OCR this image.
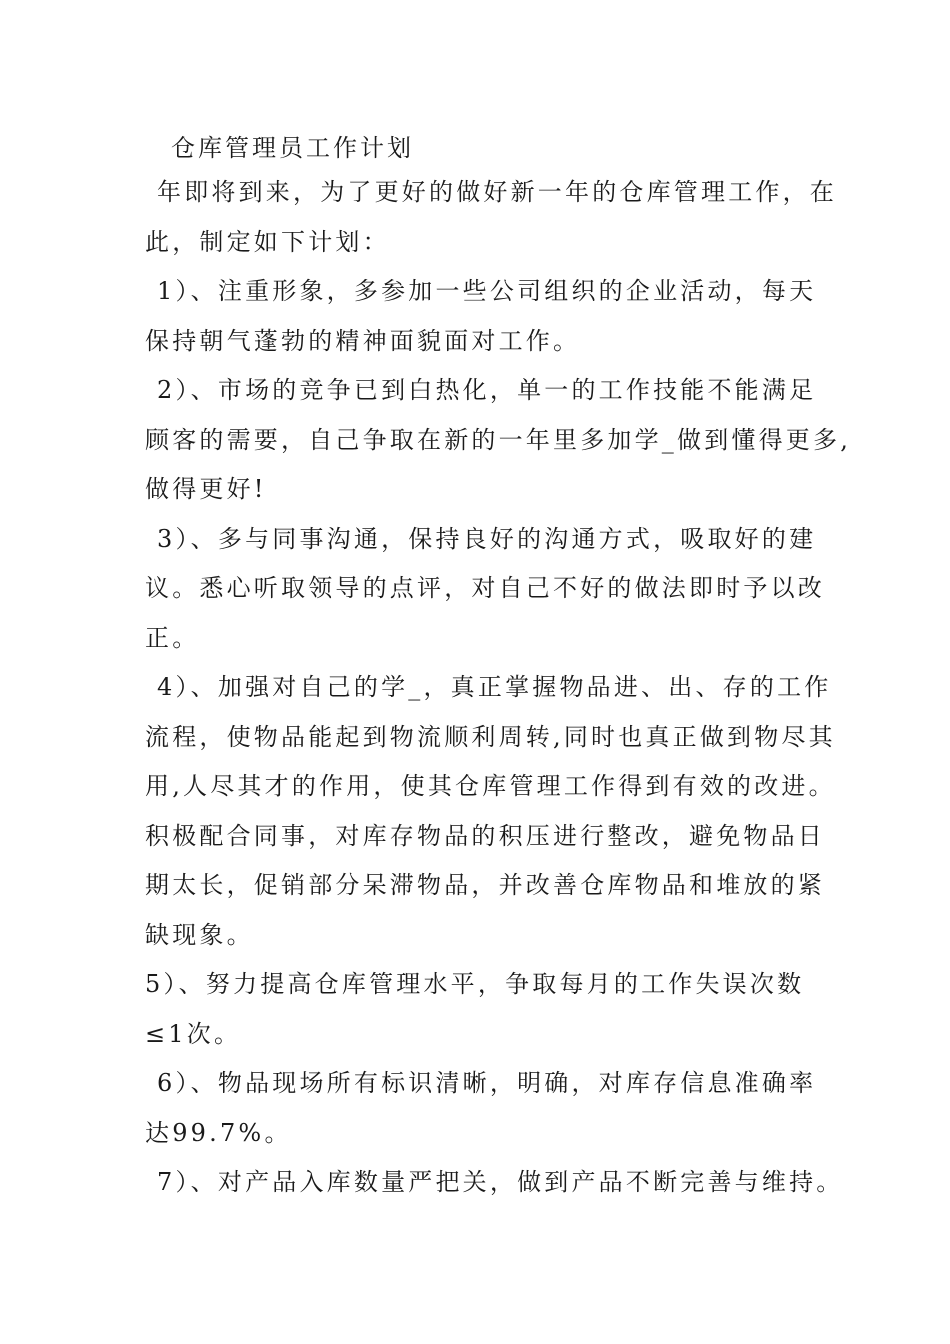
仓库管理员工作计划

年即将到来，为了更好的做好新一年的仓库管理工作，在
此，制定如下计划：

1）、注重形象，多参加一些公司组织的企业活动，每天
保持朝气蓬勃的精神面貌面对工作。

2）、市场的竞争已到白热化，单一的工作技能不能满足
顾客的需要，自己争取在新的一年里多加学_做到懂得更多,
做得更好!

3）、多与同事沟通，保持良好的沟通方式，吸取好的建
议。悉心听取领导的点评，对自己不好的做法即时予以改
正。

4）、加强对自己的学_，真正掌握物品进、出、存的工作
流程，使物品能起到物流顺利周转,同时也真正做到物尽其
用,人尽其才的作用，使其仓库管理工作得到有效的改进。
积极配合同事，对库存物品的积压进行整改，避免物品日
期太长，促销部分呆滞物品，并改善仓库物品和堆放的紧
缺现象。

5）、努力提高仓库管理水平，争取每月的工作失误次数
≤1次。

6）、物品现场所有标识清晰，明确，对库存信息准确率
达99.7%。

7）、对产品入库数量严把关，做到产品不断完善与维持。
